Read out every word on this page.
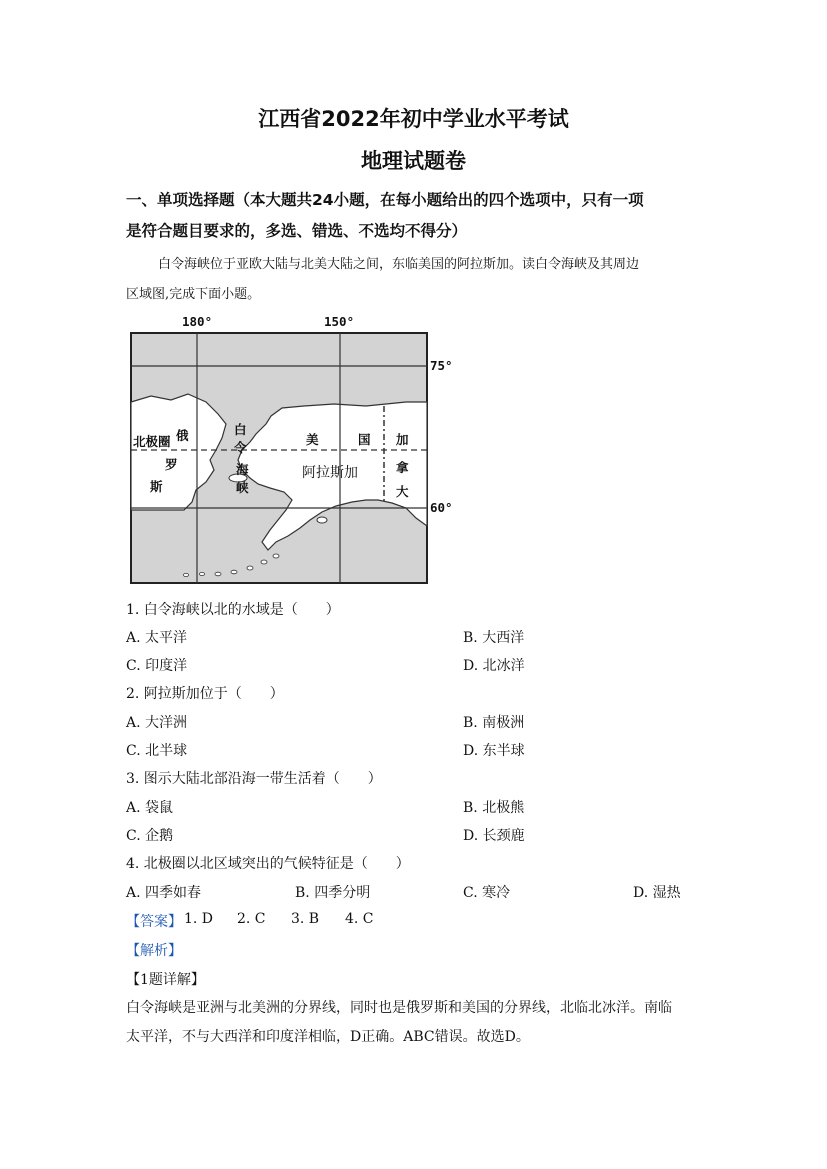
江西省2022年初中学业水平考试
地理试题卷
一、单项选择题（本大题共24小题，在每小题给出的四个选项中，只有一项
是符合题目要求的，多选、错选、不选均不得分）
白令海峡位于亚欧大陆与北美大陆之间，东临美国的阿拉斯加。读白令海峡及其周边
区域图,完成下面小题。
180°	150°
75°
60°
北极圈 俄
罗
斯
白
令
海
峡
美	国
阿拉斯加
加
拿
大
1. 白令海峡以北的水域是（　　）
A. 太平洋	B. 大西洋
C. 印度洋	D. 北冰洋
2. 阿拉斯加位于（　　）
A. 大洋洲	B. 南极洲
C. 北半球	D. 东半球
3. 图示大陆北部沿海一带生活着（　　）
A. 袋鼠	B. 北极熊
C. 企鹅	D. 长颈鹿
4. 北极圈以北区域突出的气候特征是（　　）
A. 四季如春	B. 四季分明	C. 寒冷	D. 湿热
【答案】 1. D 2. C 3. B 4. C
【解析】
【1题详解】
白令海峡是亚洲与北美洲的分界线，同时也是俄罗斯和美国的分界线，北临北冰洋。南临
太平洋，不与大西洋和印度洋相临，D正确。ABC错误。故选D。
